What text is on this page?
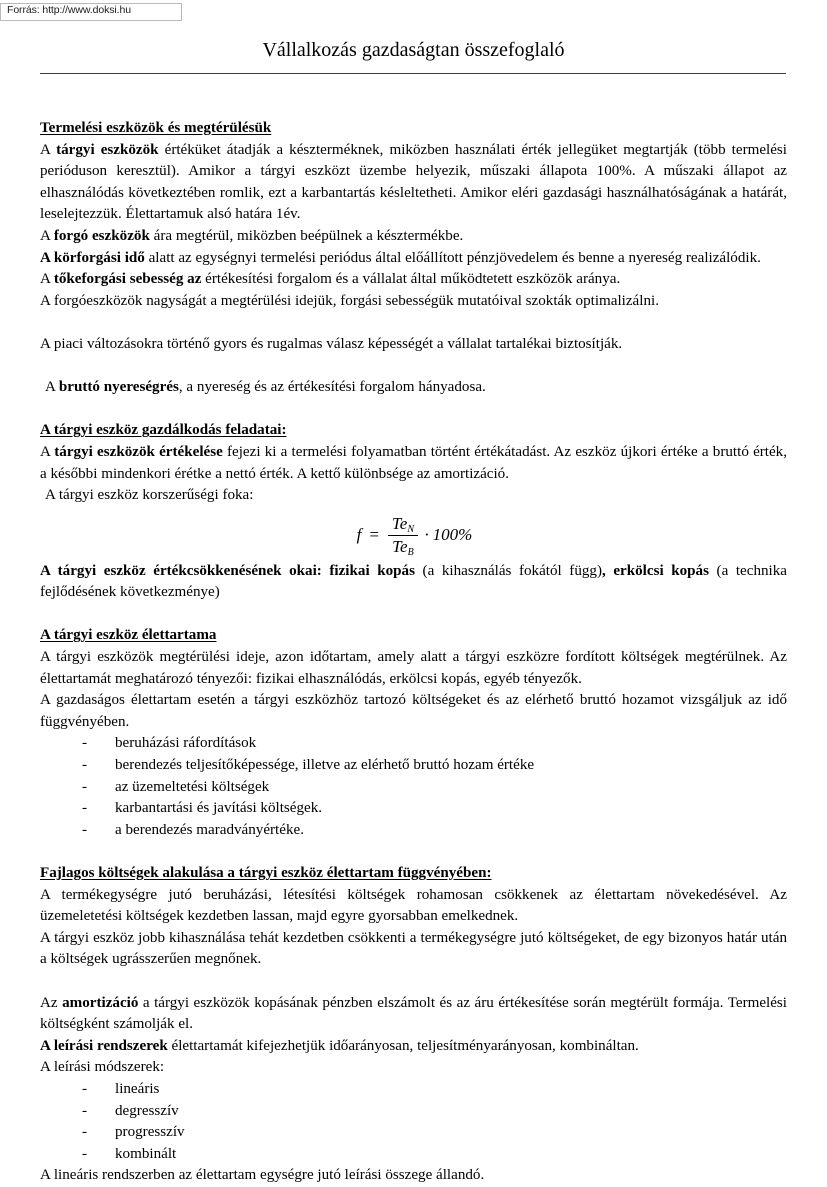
Forrás: http://www.doksi.hu
Vállalkozás gazdaságtan összefoglaló
Termelési eszközök és megtérülésük

A tárgyi eszközök értéküket átadják a készterméknek, miközben használati érték jellegüket megtartják (több termelési perióduson keresztül). Amikor a tárgyi eszközt üzembe helyezik, műszaki állapota 100%. A műszaki állapot az elhasználódás következtében romlik, ezt a karbantartás késleltetheti. Amikor eléri gazdasági használhatóságának a határát, leselejtezzük. Élettartamuk alsó határa 1év.

A forgó eszközök ára megtérül, miközben beépülnek a késztermékbe.

A körforgási idő alatt az egységnyi termelési periódus által előállított pénzjövedelem és benne a nyereség realizálódik.

A tőkeforgási sebesség az értékesítési forgalom és a vállalat által működtetett eszközök aránya.

A forgóeszközök nagyságát a megtérülési idejük, forgási sebességük mutatóival szokták optimalizálni.

A piaci változásokra történő gyors és rugalmas válasz képességét a vállalat tartalékai biztosítják.

A bruttó nyereségrés, a nyereség és az értékesítési forgalom hányadosa.

A tárgyi eszköz gazdálkodás feladatai:

A tárgyi eszközök értékelése fejezi ki a termelési folyamatban történt értékátadást. Az eszköz újkori értéke a bruttó érték, a későbbi mindenkori érétke a nettó érték. A kettő különbsége az amortizáció.

A tárgyi eszköz korszerűségi foka:

$f = \frac{Te_N}{Te_B} \cdot 100\%$

A tárgyi eszköz értékcsökkenésének okai: fizikai kopás (a kihasználás fokától függ), erkölcsi kopás (a technika fejlődésének következménye)

A tárgyi eszköz élettartama

A tárgyi eszközök megtérülési ideje, azon időtartam, amely alatt a tárgyi eszközre fordított költségek megtérülnek. Az élettartamát meghatározó tényezői: fizikai elhasználódás, erkölcsi kopás, egyéb tényezők.

A gazdaságos élettartam esetén a tárgyi eszközhöz tartozó költségeket és az elérhető bruttó hozamot vizsgáljuk az idő függvényében.

- beruházási ráfordítások
- berendezés teljesítőképessége, illetve az elérhető bruttó hozam értéke
- az üzemeltetési költségek
- karbantartási és javítási költségek.
- a berendezés maradványértéke.
Fajlagos költségek alakulása a tárgyi eszköz élettartam függvényében:

A termékegységre jutó beruházási, létesítési költségek rohamosan csökkenek az élettartam növekedésével. Az üzemeletetési költségek kezdetben lassan, majd egyre gyorsabban emelkednek.

A tárgyi eszköz jobb kihasználása tehát kezdetben csökkenti a termékegységre jutó költségeket, de egy bizonyos határ után a költségek ugrásszerűen megnőnek.

Az amortizáció a tárgyi eszközök kopásának pénzben elszámolt és az áru értékesítése során megtérült formája. Termelési költségként számolják el.

A leírási rendszerek élettartamát kifejezhetjük időarányosan, teljesítményarányosan, kombináltan.

A leírási módszerek:

- lineáris
- degresszív
- progresszív
- kombinált

A lineáris rendszerben az élettartam egységre jutó leírási összege állandó.
